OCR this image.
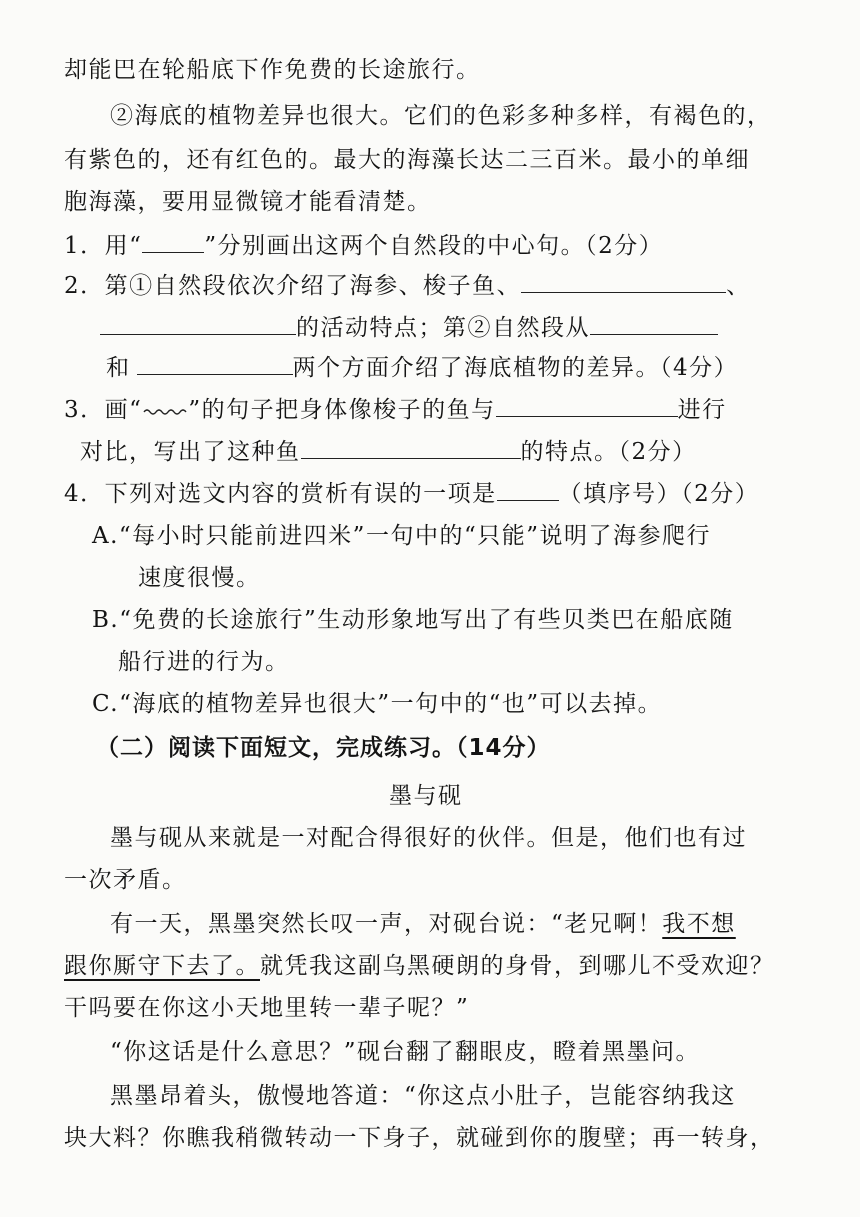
却能巴在轮船底下作免费的长途旅行。
②海底的植物差异也很大。它们的色彩多种多样，有褐色的，
有紫色的，还有红色的。最大的海藻长达二三百米。最小的单细
胞海藻，要用显微镜才能看清楚。
1．用“	”分别画出这两个自然段的中心句。（2分）
2．第①自然段依次介绍了海参、梭子鱼、	、
的活动特点；第②自然段从
和	两个方面介绍了海底植物的差异。（4分）
3．画“ ”的句子把身体像梭子的鱼与	进行
对比，写出了这种鱼	的特点。（2分）
4．下列对选文内容的赏析有误的一项是	（填序号）（2分）
A.“每小时只能前进四米”一句中的“只能”说明了海参爬行
速度很慢。
B.“免费的长途旅行”生动形象地写出了有些贝类巴在船底随
船行进的行为。
C.“海底的植物差异也很大”一句中的“也”可以去掉。
（二）阅读下面短文，完成练习。（14分）
墨与砚
墨与砚从来就是一对配合得很好的伙伴。但是，他们也有过
一次矛盾。
有一天，黑墨突然长叹一声，对砚台说：“老兄啊！我不想
跟你厮守下去了。就凭我这副乌黑硬朗的身骨，到哪儿不受欢迎？
干吗要在你这小天地里转一辈子呢？”
“你这话是什么意思？”砚台翻了翻眼皮，瞪着黑墨问。
黑墨昂着头，傲慢地答道：“你这点小肚子，岂能容纳我这
块大料？你瞧我稍微转动一下身子，就碰到你的腹壁；再一转身，
